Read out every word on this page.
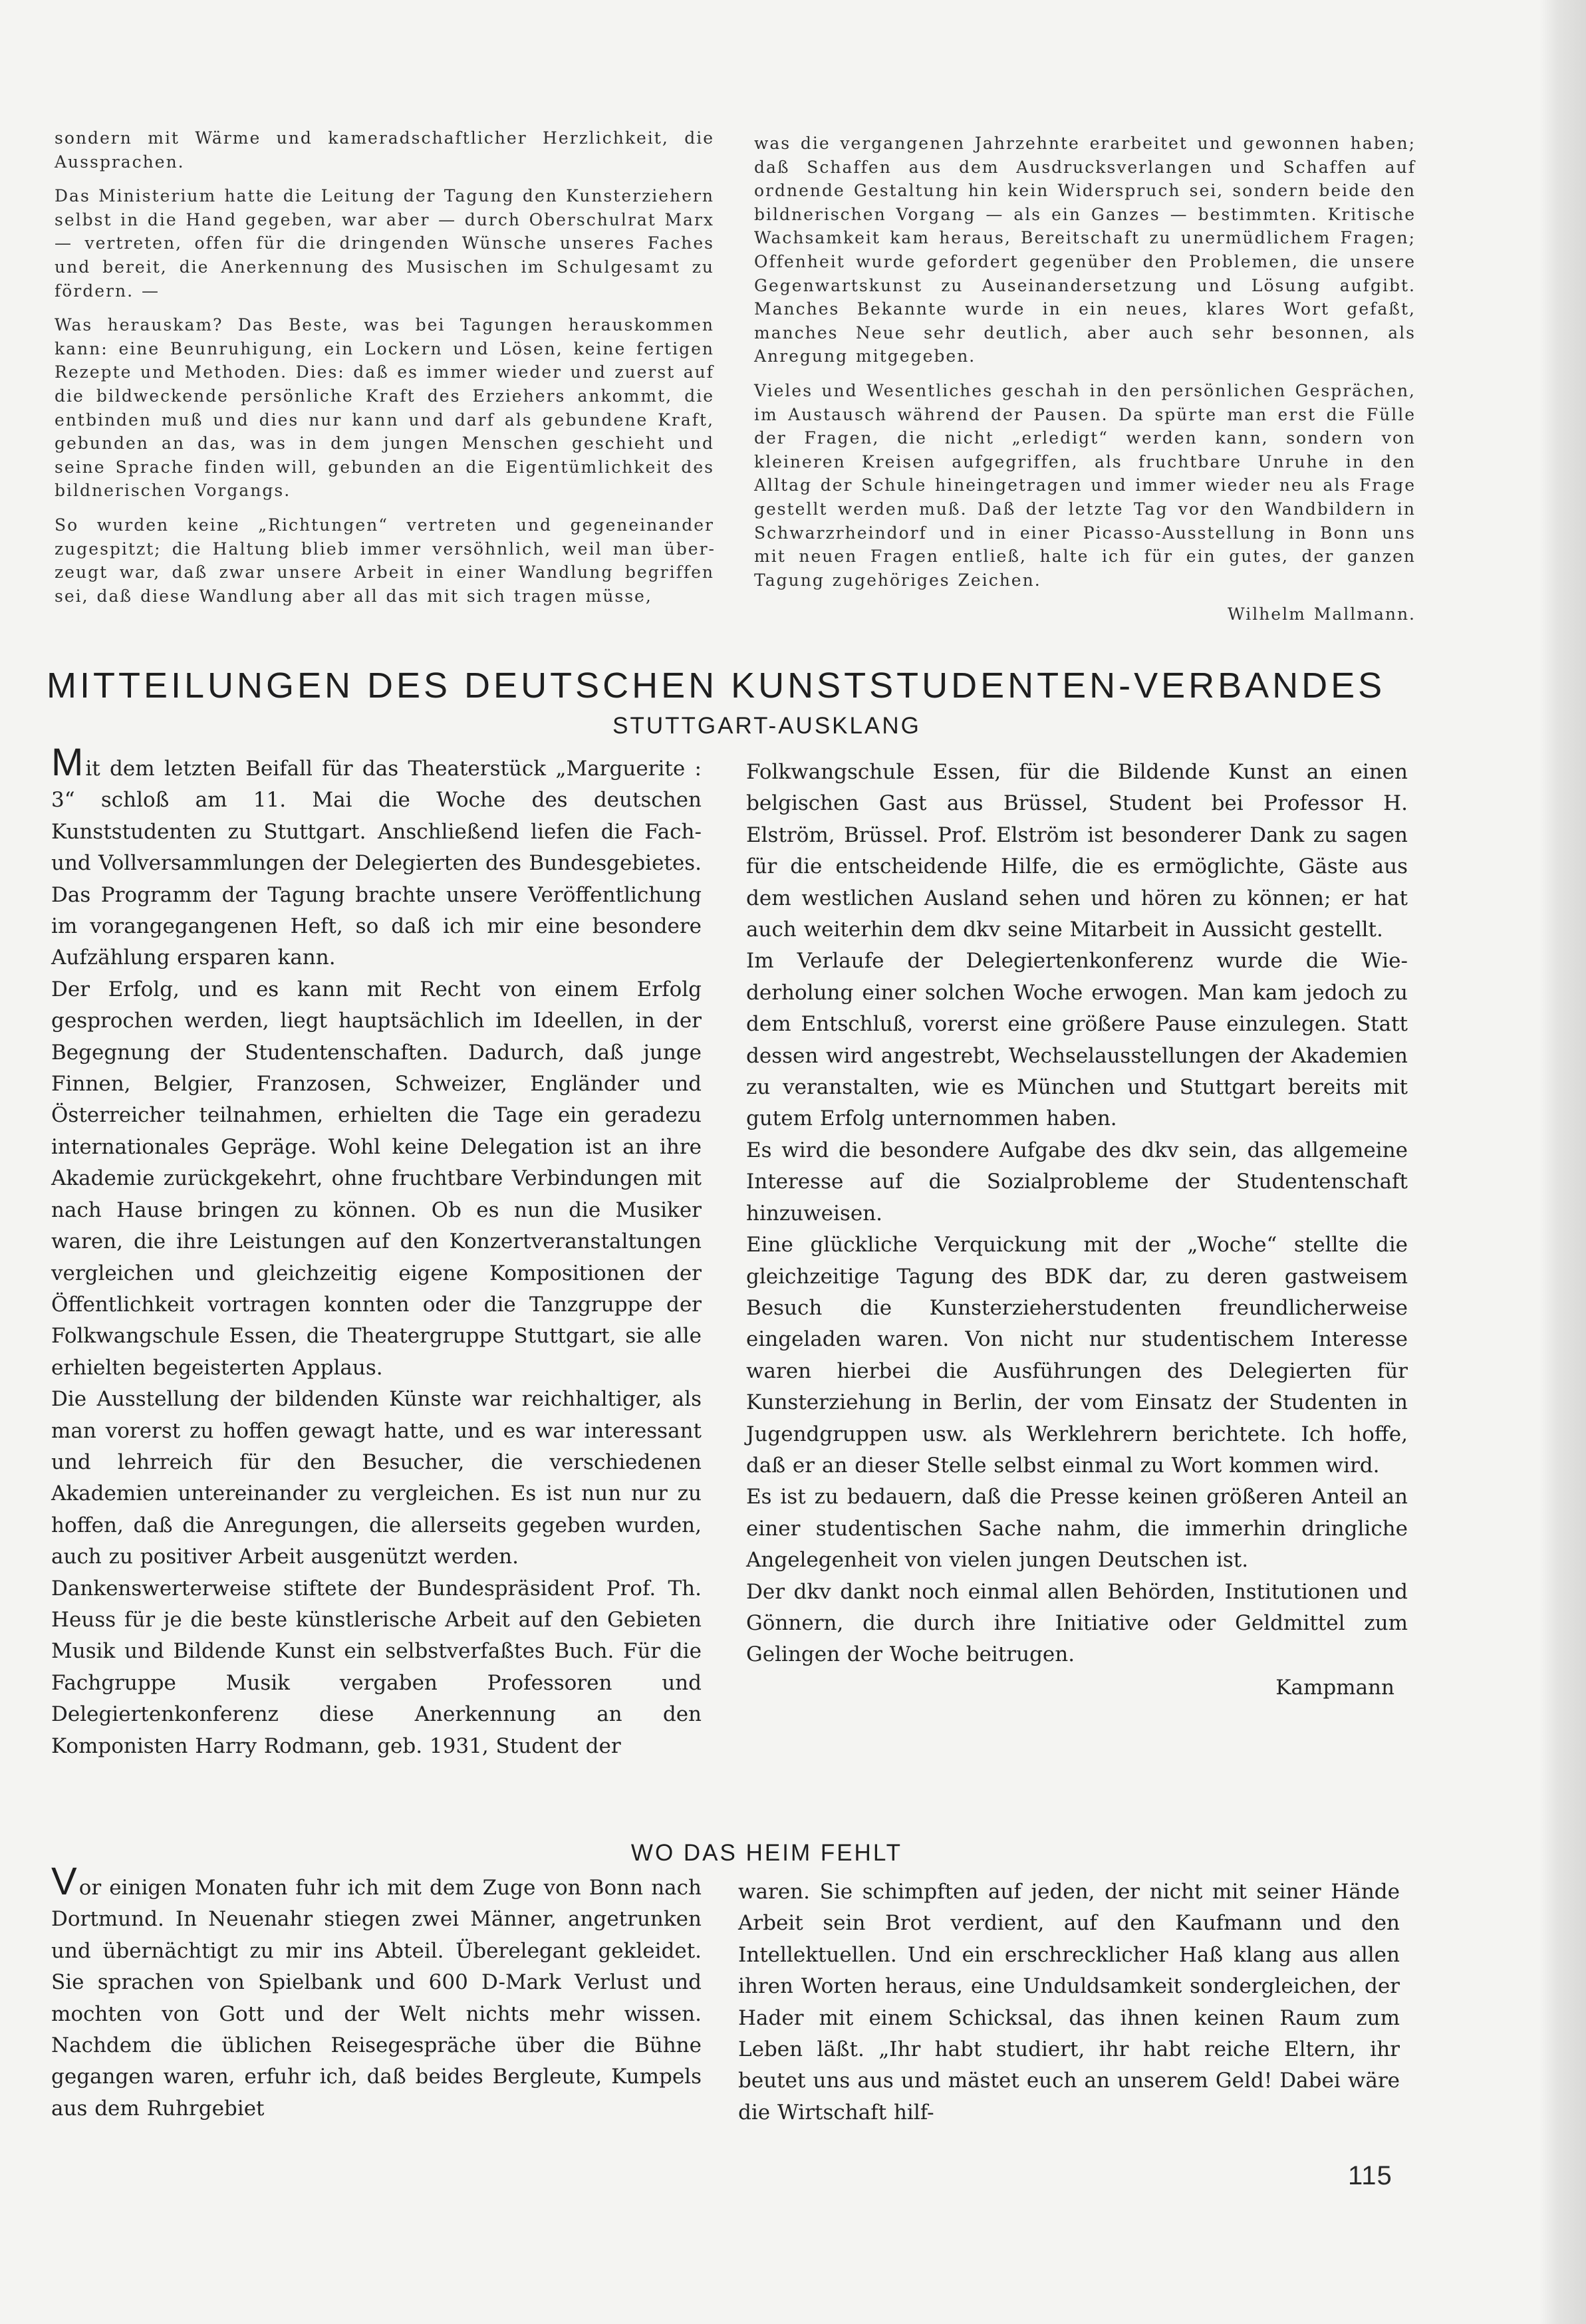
sondern mit Wärme und kameradschaftlicher Herzlichkeit, die Aussprachen.

Das Ministerium hatte die Leitung der Tagung den Kunsterziehern selbst in die Hand gegeben, war aber — durch Oberschulrat Marx — vertreten, offen für die dringenden Wünsche unseres Faches und bereit, die Anerkennung des Musischen im Schulgesamt zu fördern. —

Was herauskam? Das Beste, was bei Tagungen herauskommen kann: eine Beunruhigung, ein Lockern und Lösen, keine fertigen Rezepte und Methoden. Dies: daß es immer wieder und zuerst auf die bildweckende persönliche Kraft des Erziehers ankommt, die entbinden muß und dies nur kann und darf als gebundene Kraft, gebunden an das, was in dem jungen Menschen geschieht und seine Sprache finden will, gebunden an die Eigentümlichkeit des bildnerischen Vorgangs.

So wurden keine „Richtungen“ vertreten und gegeneinander zugespitzt; die Haltung blieb immer versöhnlich, weil man überzeugt war, daß zwar unsere Arbeit in einer Wandlung begriffen sei, daß diese Wandlung aber all das mit sich tragen müsse,

was die vergangenen Jahrzehnte erarbeitet und gewonnen haben; daß Schaffen aus dem Ausdrucksverlangen und Schaffen auf ordnende Gestaltung hin kein Widerspruch sei, sondern beide den bildnerischen Vorgang — als ein Ganzes — bestimmten. Kritische Wachsamkeit kam heraus, Bereitschaft zu unermüdlichem Fragen; Offenheit wurde gefordert gegenüber den Problemen, die unsere Gegenwartskunst zu Auseinandersetzung und Lösung aufgibt. Manches Bekannte wurde in ein neues, klares Wort gefaßt, manches Neue sehr deutlich, aber auch sehr besonnen, als Anregung mitgegeben.

Vieles und Wesentliches geschah in den persönlichen Gesprächen, im Austausch während der Pausen. Da spürte man erst die Fülle der Fragen, die nicht „erledigt“ werden kann, sondern von kleineren Kreisen aufgegriffen, als fruchtbare Unruhe in den Alltag der Schule hineingetragen und immer wieder neu als Frage gestellt werden muß. Daß der letzte Tag vor den Wandbildern in Schwarzrheindorf und in einer Picasso-Ausstellung in Bonn uns mit neuen Fragen entließ, halte ich für ein gutes, der ganzen Tagung zugehöriges Zeichen.

Wilhelm Mallmann.
MITTEILUNGEN DES DEUTSCHEN KUNSTSTUDENTEN-VERBANDES
STUTTGART-AUSKLANG

Mit dem letzten Beifall für das Theaterstück „Marguerite : 3“ schloß am 11. Mai die Woche des deutschen Kunststudenten zu Stuttgart. Anschließend liefen die Fach- und Vollversammlungen der Delegierten des Bundesgebietes. Das Programm der Tagung brachte unsere Veröffentlichung im vorangegangenen Heft, so daß ich mir eine besondere Aufzählung ersparen kann.

Der Erfolg, und es kann mit Recht von einem Erfolg gesprochen werden, liegt hauptsächlich im Ideellen, in der Begegnung der Studentenschaften. Dadurch, daß junge Finnen, Belgier, Franzosen, Schweizer, Engländer und Österreicher teilnahmen, erhielten die Tage ein geradezu internationales Gepräge. Wohl keine Delegation ist an ihre Akademie zurückgekehrt, ohne fruchtbare Verbindungen mit nach Hause bringen zu können. Ob es nun die Musiker waren, die ihre Leistungen auf den Konzertveranstaltungen vergleichen und gleichzeitig eigene Kompositionen der Öffentlichkeit vortragen konnten oder die Tanzgruppe der Folkwangschule Essen, die Theatergruppe Stuttgart, sie alle erhielten begeisterten Applaus.

Die Ausstellung der bildenden Künste war reichhaltiger, als man vorerst zu hoffen gewagt hatte, und es war interessant und lehrreich für den Besucher, die verschiedenen Akademien untereinander zu vergleichen. Es ist nun nur zu hoffen, daß die Anregungen, die allerseits gegeben wurden, auch zu positiver Arbeit ausgenützt werden.

Dankenswerterweise stiftete der Bundespräsident Prof. Th. Heuss für je die beste künstlerische Arbeit auf den Gebieten Musik und Bildende Kunst ein selbstverfaßtes Buch. Für die Fachgruppe Musik vergaben Professoren und Delegiertenkonferenz diese Anerkennung an den Komponisten Harry Rodmann, geb. 1931, Student der

Folkwangschule Essen, für die Bildende Kunst an einen belgischen Gast aus Brüssel, Student bei Professor H. Elström, Brüssel. Prof. Elström ist besonderer Dank zu sagen für die entscheidende Hilfe, die es ermöglichte, Gäste aus dem westlichen Ausland sehen und hören zu können; er hat auch weiterhin dem dkv seine Mitarbeit in Aussicht gestellt.

Im Verlaufe der Delegiertenkonferenz wurde die Wiederholung einer solchen Woche erwogen. Man kam jedoch zu dem Entschluß, vorerst eine größere Pause einzulegen. Statt dessen wird angestrebt, Wechselausstellungen der Akademien zu veranstalten, wie es München und Stuttgart bereits mit gutem Erfolg unternommen haben.

Es wird die besondere Aufgabe des dkv sein, das allgemeine Interesse auf die Sozialprobleme der Studentenschaft hinzuweisen.

Eine glückliche Verquickung mit der „Woche“ stellte die gleichzeitige Tagung des BDK dar, zu deren gastweisem Besuch die Kunsterzieherstudenten freundlicherweise eingeladen waren. Von nicht nur studentischem Interesse waren hierbei die Ausführungen des Delegierten für Kunsterziehung in Berlin, der vom Einsatz der Studenten in Jugendgruppen usw. als Werklehrern berichtete. Ich hoffe, daß er an dieser Stelle selbst einmal zu Wort kommen wird.

Es ist zu bedauern, daß die Presse keinen größeren Anteil an einer studentischen Sache nahm, die immerhin dringliche Angelegenheit von vielen jungen Deutschen ist.

Der dkv dankt noch einmal allen Behörden, Institutionen und Gönnern, die durch ihre Initiative oder Geldmittel zum Gelingen der Woche beitrugen.

Kampmann
WO DAS HEIM FEHLT

Vor einigen Monaten fuhr ich mit dem Zuge von Bonn nach Dortmund. In Neuenahr stiegen zwei Männer, angetrunken und übernächtigt zu mir ins Abteil. Überelegant gekleidet. Sie sprachen von Spielbank und 600 D-Mark Verlust und mochten von Gott und der Welt nichts mehr wissen. Nachdem die üblichen Reisegespräche über die Bühne gegangen waren, erfuhr ich, daß beides Bergleute, Kumpels aus dem Ruhrgebiet

waren. Sie schimpften auf jeden, der nicht mit seiner Hände Arbeit sein Brot verdient, auf den Kaufmann und den Intellektuellen. Und ein erschrecklicher Haß klang aus allen ihren Worten heraus, eine Unduldsamkeit sondergleichen, der Hader mit einem Schicksal, das ihnen keinen Raum zum Leben läßt. „Ihr habt studiert, ihr habt reiche Eltern, ihr beutet uns aus und mästet euch an unserem Geld! Dabei wäre die Wirtschaft hilf-

115
